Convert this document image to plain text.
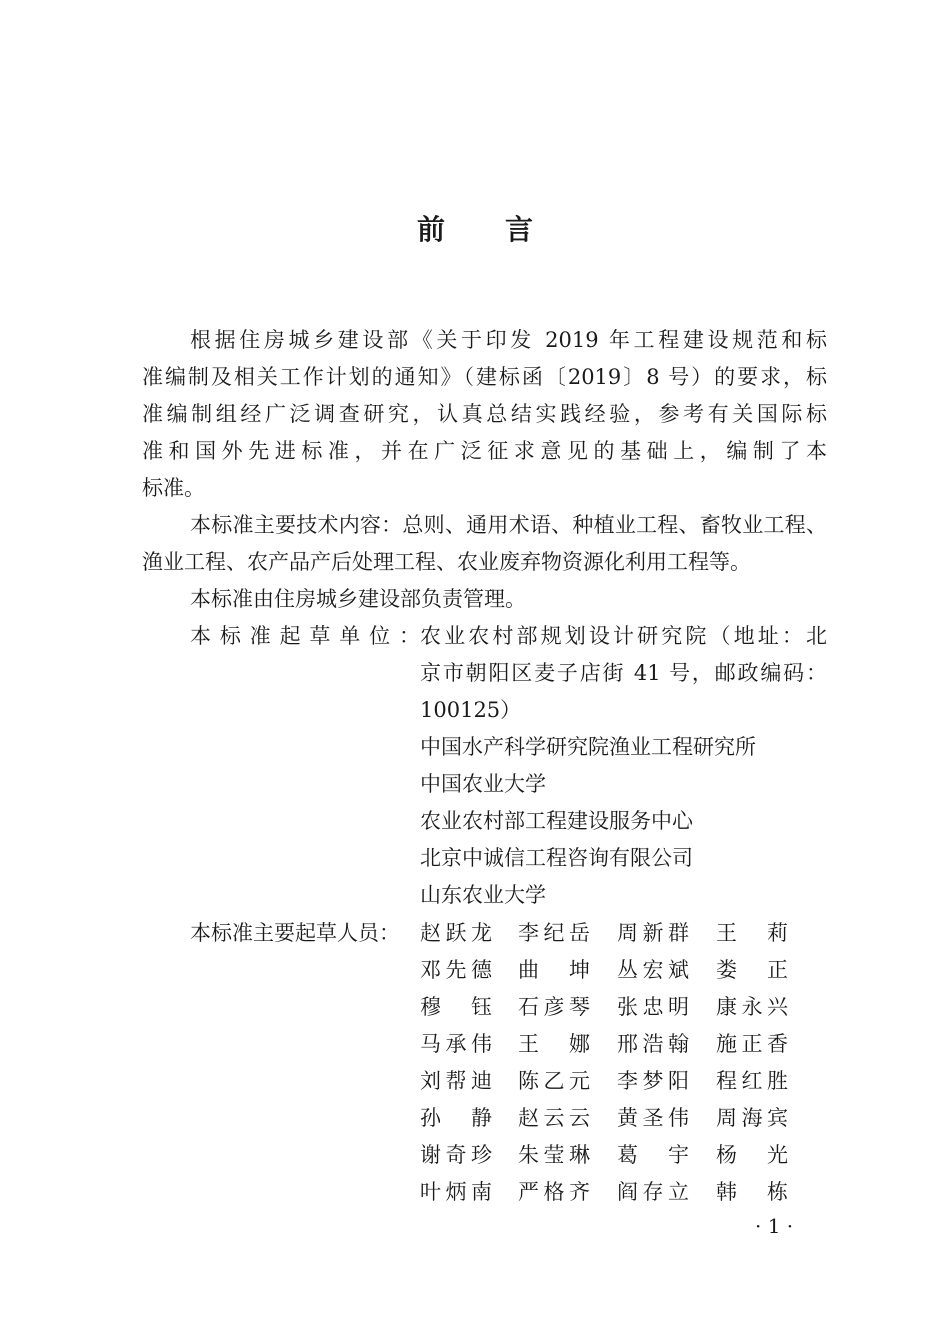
前 言
根据住房城乡建设部《关于印发 2019 年工程建设规范和标
准编制及相关工作计划的通知》（建标函〔2019〕8 号）的要求，标
准编制组经广泛调查研究，认真总结实践经验，参考有关国际标
准和国外先进标准，并在广泛征求意见的基础上，编制了本
标准。
本标准主要技术内容：总则、通用术语、种植业工程、畜牧业工程、
渔业工程、农产品产后处理工程、农业废弃物资源化利用工程等。
本标准由住房城乡建设部负责管理。
本标准起草单位： 农业农村部规划设计研究院（地址：北
京市朝阳区麦子店街 41 号，邮政编码：
100125）
中国水产科学研究院渔业工程研究所
中国农业大学
农业农村部工程建设服务中心
北京中诚信工程咨询有限公司
山东农业大学
本标准主要起草人员： 赵跃龙 李纪岳 周新群 王莉
邓先德 曲坤 丛宏斌 娄正
穆钰 石彦琴 张忠明 康永兴
马承伟 王娜 邢浩翰 施正香
刘帮迪 陈乙元 李梦阳 程红胜
孙静 赵云云 黄圣伟 周海宾
谢奇珍 朱莹琳 葛宇 杨光
叶炳南 严格齐 阎存立 韩栋
· 1 ·
